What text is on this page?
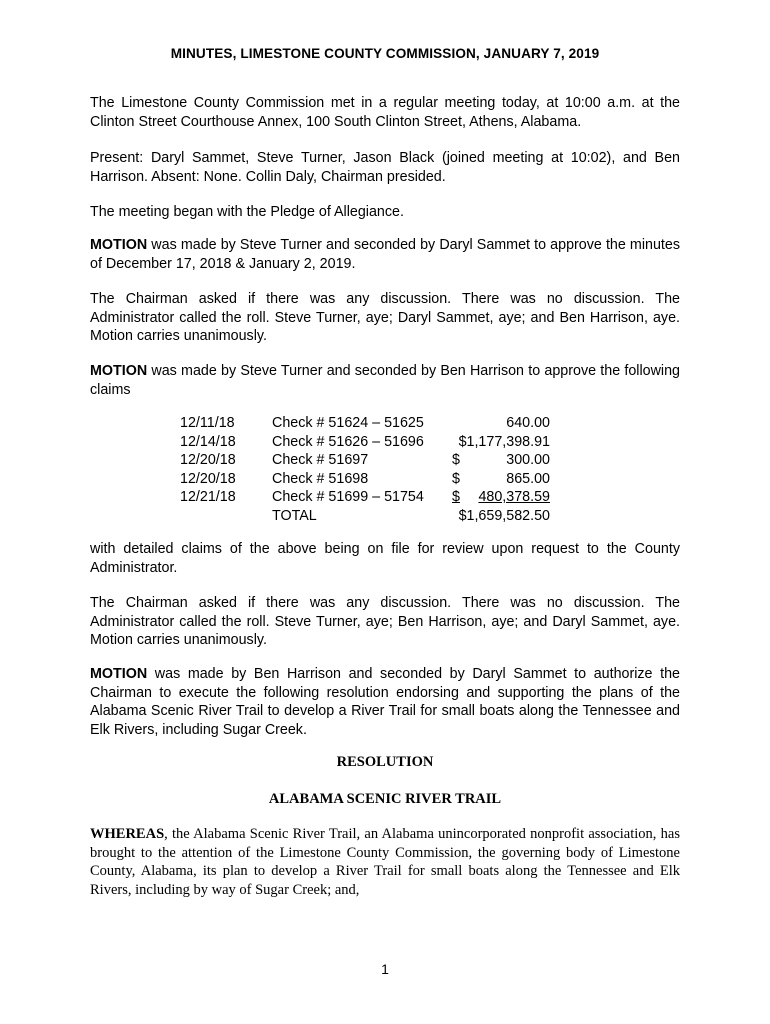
MINUTES, LIMESTONE COUNTY COMMISSION, JANUARY 7, 2019
The Limestone County Commission met in a regular meeting today, at 10:00 a.m. at the Clinton Street Courthouse Annex, 100 South Clinton Street, Athens, Alabama.
Present: Daryl Sammet, Steve Turner, Jason Black (joined meeting at 10:02), and Ben Harrison. Absent: None. Collin Daly, Chairman presided.
The meeting began with the Pledge of Allegiance.
MOTION was made by Steve Turner and seconded by Daryl Sammet to approve the minutes of December 17, 2018 & January 2, 2019.
The Chairman asked if there was any discussion. There was no discussion. The Administrator called the roll. Steve Turner, aye; Daryl Sammet, aye; and Ben Harrison, aye. Motion carries unanimously.
MOTION was made by Steve Turner and seconded by Ben Harrison to approve the following claims
12/11/18	Check # 51624 – 51625	640.00
12/14/18	Check # 51626 – 51696 $1,177,398.91
12/20/18	Check # 51697	$	300.00
12/20/18	Check # 51698	$	865.00
12/21/18	Check # 51699 – 51754 $ 480,378.59
TOTAL	$1,659,582.50
with detailed claims of the above being on file for review upon request to the County Administrator.
The Chairman asked if there was any discussion. There was no discussion. The Administrator called the roll. Steve Turner, aye; Ben Harrison, aye; and Daryl Sammet, aye. Motion carries unanimously.
MOTION was made by Ben Harrison and seconded by Daryl Sammet to authorize the Chairman to execute the following resolution endorsing and supporting the plans of the Alabama Scenic River Trail to develop a River Trail for small boats along the Tennessee and Elk Rivers, including Sugar Creek.
RESOLUTION
ALABAMA SCENIC RIVER TRAIL
WHEREAS, the Alabama Scenic River Trail, an Alabama unincorporated nonprofit association, has brought to the attention of the Limestone County Commission, the governing body of Limestone County, Alabama, its plan to develop a River Trail for small boats along the Tennessee and Elk Rivers, including by way of Sugar Creek; and,
1
